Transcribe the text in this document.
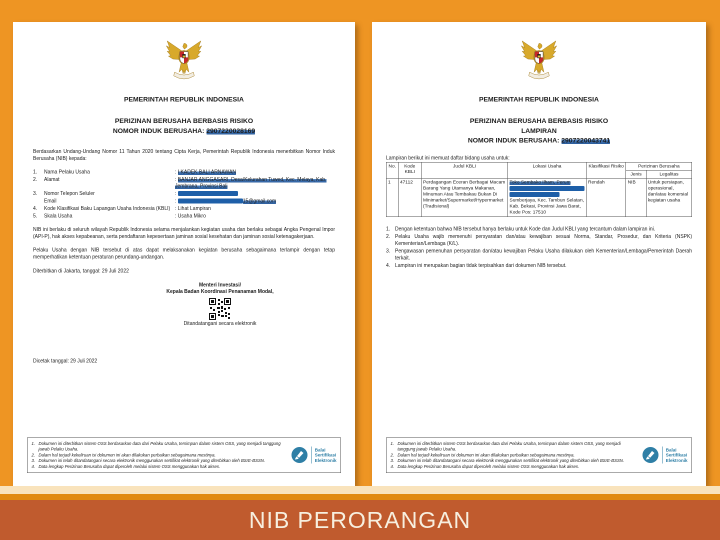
PEMERINTAH REPUBLIK INDONESIA
PERIZINAN BERUSAHA BERBASIS RISIKO
NOMOR INDUK BERUSAHA: 2907220028169

Berdasarkan Undang-Undang Nomor 11 Tahun 2020 tentang Cipta Kerja, Pemerintah Republik Indonesia menerbitkan Nomor Induk Berusaha (NIB) kepada:

1. Nama Pelaku Usaha	: I KADEK BALI ARNAWAN
2. Alamat	: BANJAR ANGGASARI, Desa/Kelurahan Tuwed, Kec. Melaya, Kab. Jembrana, Provinsi Bali
3. Nomor Telepon Seluler
:
Email	: 15@gmail.com
4. Kode Klasifikasi Baku Lapangan Usaha Indonesia (KBLI) : Lihat Lampiran
5. Skala Usaha	: Usaha Mikro

NIB ini berlaku di seluruh wilayah Republik Indonesia selama menjalankan kegiatan usaha dan berlaku sebagai Angka Pengenal Impor (API-P), hak akses kepabeanan, serta pendaftaran kepesertaan jaminan sosial kesehatan dan jaminan sosial ketenagakerjaan.

Pelaku Usaha dengan NIB tersebut di atas dapat melaksanakan kegiatan berusaha sebagaimana terlampir dengan tetap memperhatikan ketentuan peraturan perundang-undangan.

Diterbitkan di Jakarta, tanggal: 29 Juli 2022
Menteri Investasi/
Kepala Badan Koordinasi Penanaman Modal,
Ditandatangani secara elektronik
Dicetak tanggal: 29 Juli 2022
1. Dokumen ini diterbitkan sistem OSS berdasarkan data dari Pelaku Usaha, tersimpan dalam sistem OSS, yang menjadi tanggung jawab Pelaku Usaha.
2. Dalam hal terjadi kekeliruan isi dokumen ini akan dilakukan perbaikan sebagaimana mestinya.
3. Dokumen ini telah ditandatangani secara elektronik menggunakan sertifikat elektronik yang diterbitkan oleh BSrE-BSSN.
4. Data lengkap Perizinan Berusaha dapat diperoleh melalui sistem OSS menggunakan hak akses.
Balai
Sertifikasi
Elektronik
PEMERINTAH REPUBLIK INDONESIA
PERIZINAN BERUSAHA BERBASIS RISIKO
LAMPIRAN
NOMOR INDUK BERUSAHA: 2907220043741
Lampiran berikut ini memuat daftar bidang usaha untuk:
No.	Kode KBLI	Judul KBLI	Lokasi Usaha	Klasifikasi Risiko	Perizinan Berusaha	
					Jenis	Legalitas
1	47112	Perdagangan Eceran Berbagai Macam Barang Yang Utamanya Makanan, Minuman Atau Tembakau Bukan Di Minimarket/Supermarket/Hypermarket (Tradisional)	Toko Sembako Ilham, Perum

Sumberjaya, Kec. Tambun Selatan, Kab. Bekasi, Provinsi Jawa Barat, Kode Pos: 17510	Rendah	NIB	Untuk persiapan, operasional, dan/atau komersial kegiatan usaha
1. Dengan ketentuan bahwa NIB tersebut hanya berlaku untuk Kode dan Judul KBLI yang tercantum dalam lampiran ini.
2. Pelaku Usaha wajib memenuhi persyaratan dan/atau kewajiban sesuai Norma, Standar, Prosedur, dan Kriteria (NSPK) Kementerian/Lembaga (K/L).
3. Pengawasan pemenuhan persyaratan dan/atau kewajiban Pelaku Usaha dilakukan oleh Kementerian/Lembaga/Pemerintah Daerah terkait.
4. Lampiran ini merupakan bagian tidak terpisahkan dari dokumen NIB tersebut.
1. Dokumen ini diterbitkan sistem OSS berdasarkan data dari Pelaku Usaha, tersimpan dalam sistem OSS, yang menjadi tanggung jawab Pelaku Usaha.
2. Dalam hal terjadi kekeliruan isi dokumen ini akan dilakukan perbaikan sebagaimana mestinya.
3. Dokumen ini telah ditandatangani secara elektronik menggunakan sertifikat elektronik yang diterbitkan oleh BSrE-BSSN.
4. Data lengkap Perizinan Berusaha dapat diperoleh melalui sistem OSS menggunakan hak akses.
Balai
Sertifikasi
Elektronik
NIB PERORANGAN
